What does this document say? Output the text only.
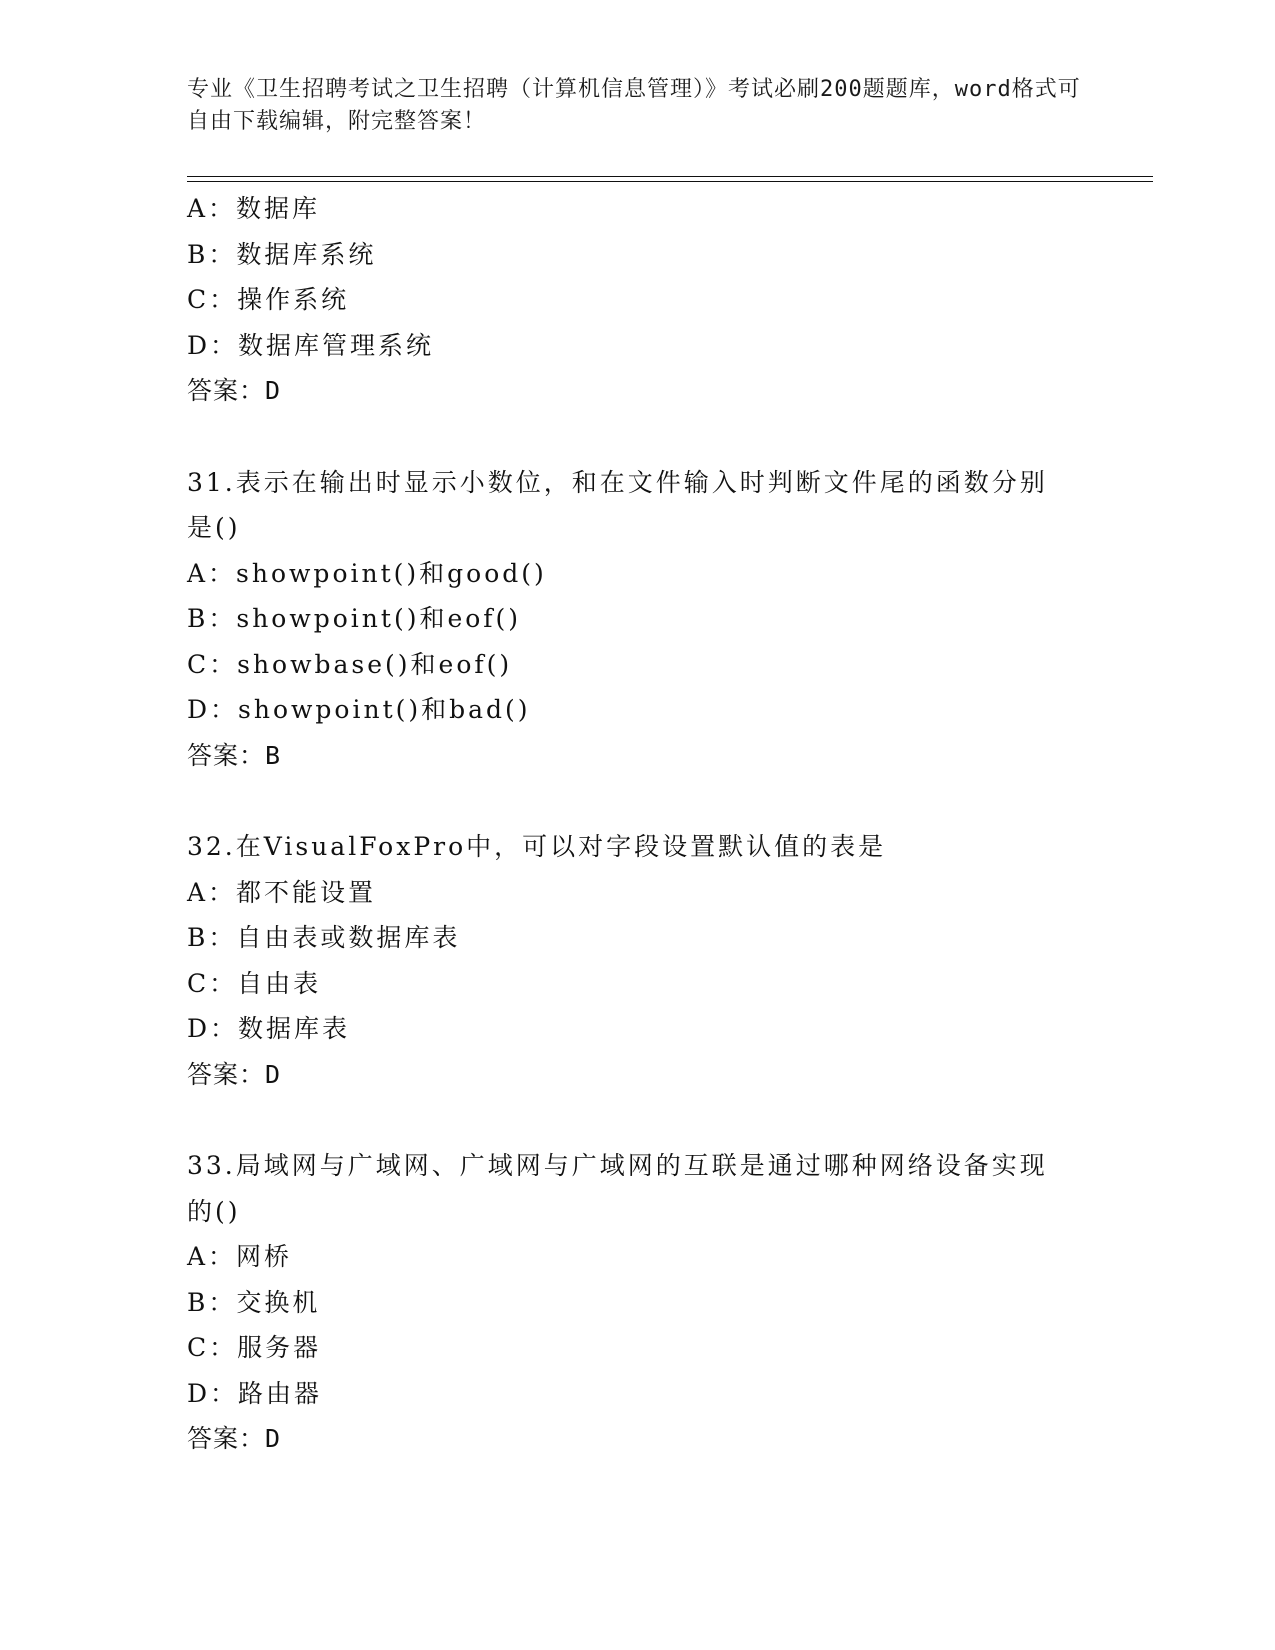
专业《卫生招聘考试之卫生招聘（计算机信息管理）》考试必刷200题题库，word格式可自由下载编辑，附完整答案！
A：数据库
B：数据库系统
C：操作系统
D：数据库管理系统
答案：D
31.表示在输出时显示小数位，和在文件输入时判断文件尾的函数分别是()
A：showpoint()和good()
B：showpoint()和eof()
C：showbase()和eof()
D：showpoint()和bad()
答案：B
32.在VisualFoxPro中，可以对字段设置默认值的表是
A：都不能设置
B：自由表或数据库表
C：自由表
D：数据库表
答案：D
33.局域网与广域网、广域网与广域网的互联是通过哪种网络设备实现的()
A：网桥
B：交换机
C：服务器
D：路由器
答案：D
